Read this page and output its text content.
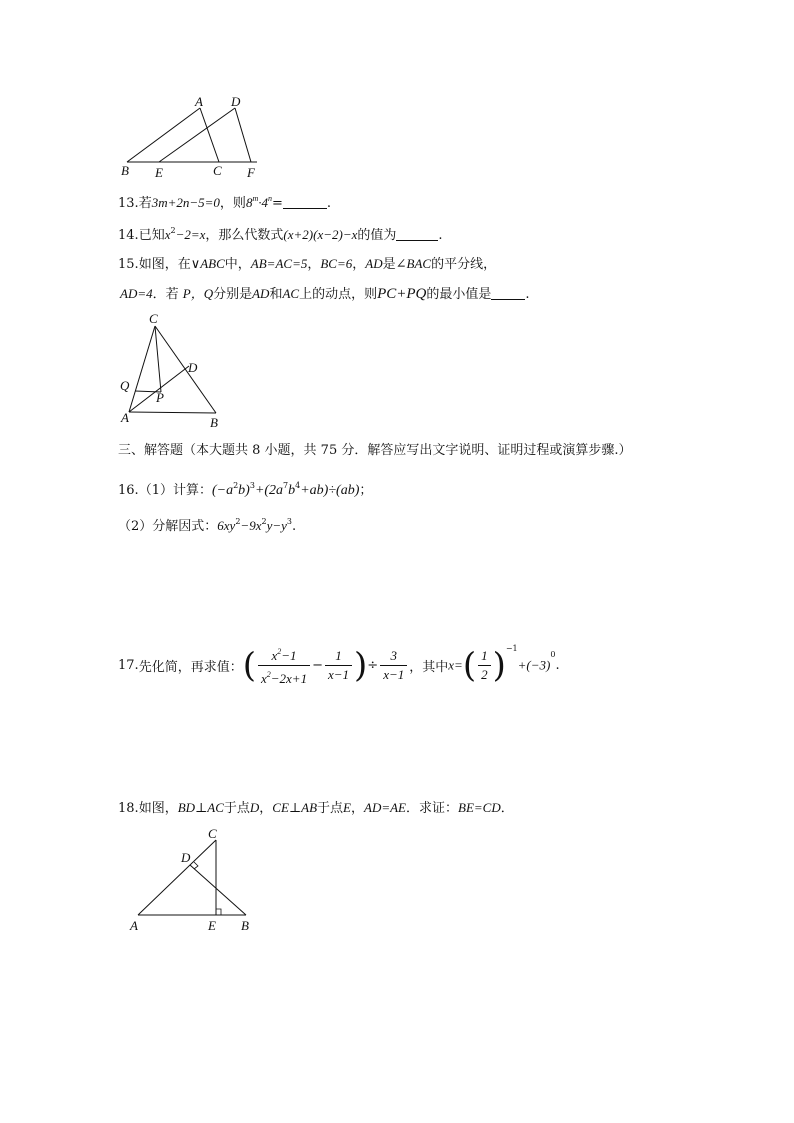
A D
B E	C F
13.若3m+2n−5=0，则$8^m\cdot 4^n=$	.
14.已知$x^2-2=x$，那么代数式(x+2)(x−2)−x的值为	.
15.如图，在∨ABC中，AB=AC=5，BC=6，AD是∠BAC的平分线，
AD=4．若 P，Q分别是AD和AC上的动点，则PC+PQ的最小值是	.
C
D
Q
P
A	B
三、解答题（本大题共 8 小题，共 75 分．解答应写出文字说明、证明过程或演算步骤.）
16.（1）计算：$(-a^2b)^3+(2a^7b^4+ab)\div(ab)$；
（2）分解因式：$6xy^2-9x^2y-y^3$.
17.先化简，再求值：( $\frac{x^2-1}{x^2-2x+1} - \frac{1}{x-1}$ )÷ $\frac{3}{x-1}$ ，其中$x=( \frac{1}{2} )^{-1}+(-3)^0$.
18.如图，BD⊥AC于点D，CE⊥AB于点E，AD=AE．求证：BE=CD．
C
D
A	E B
